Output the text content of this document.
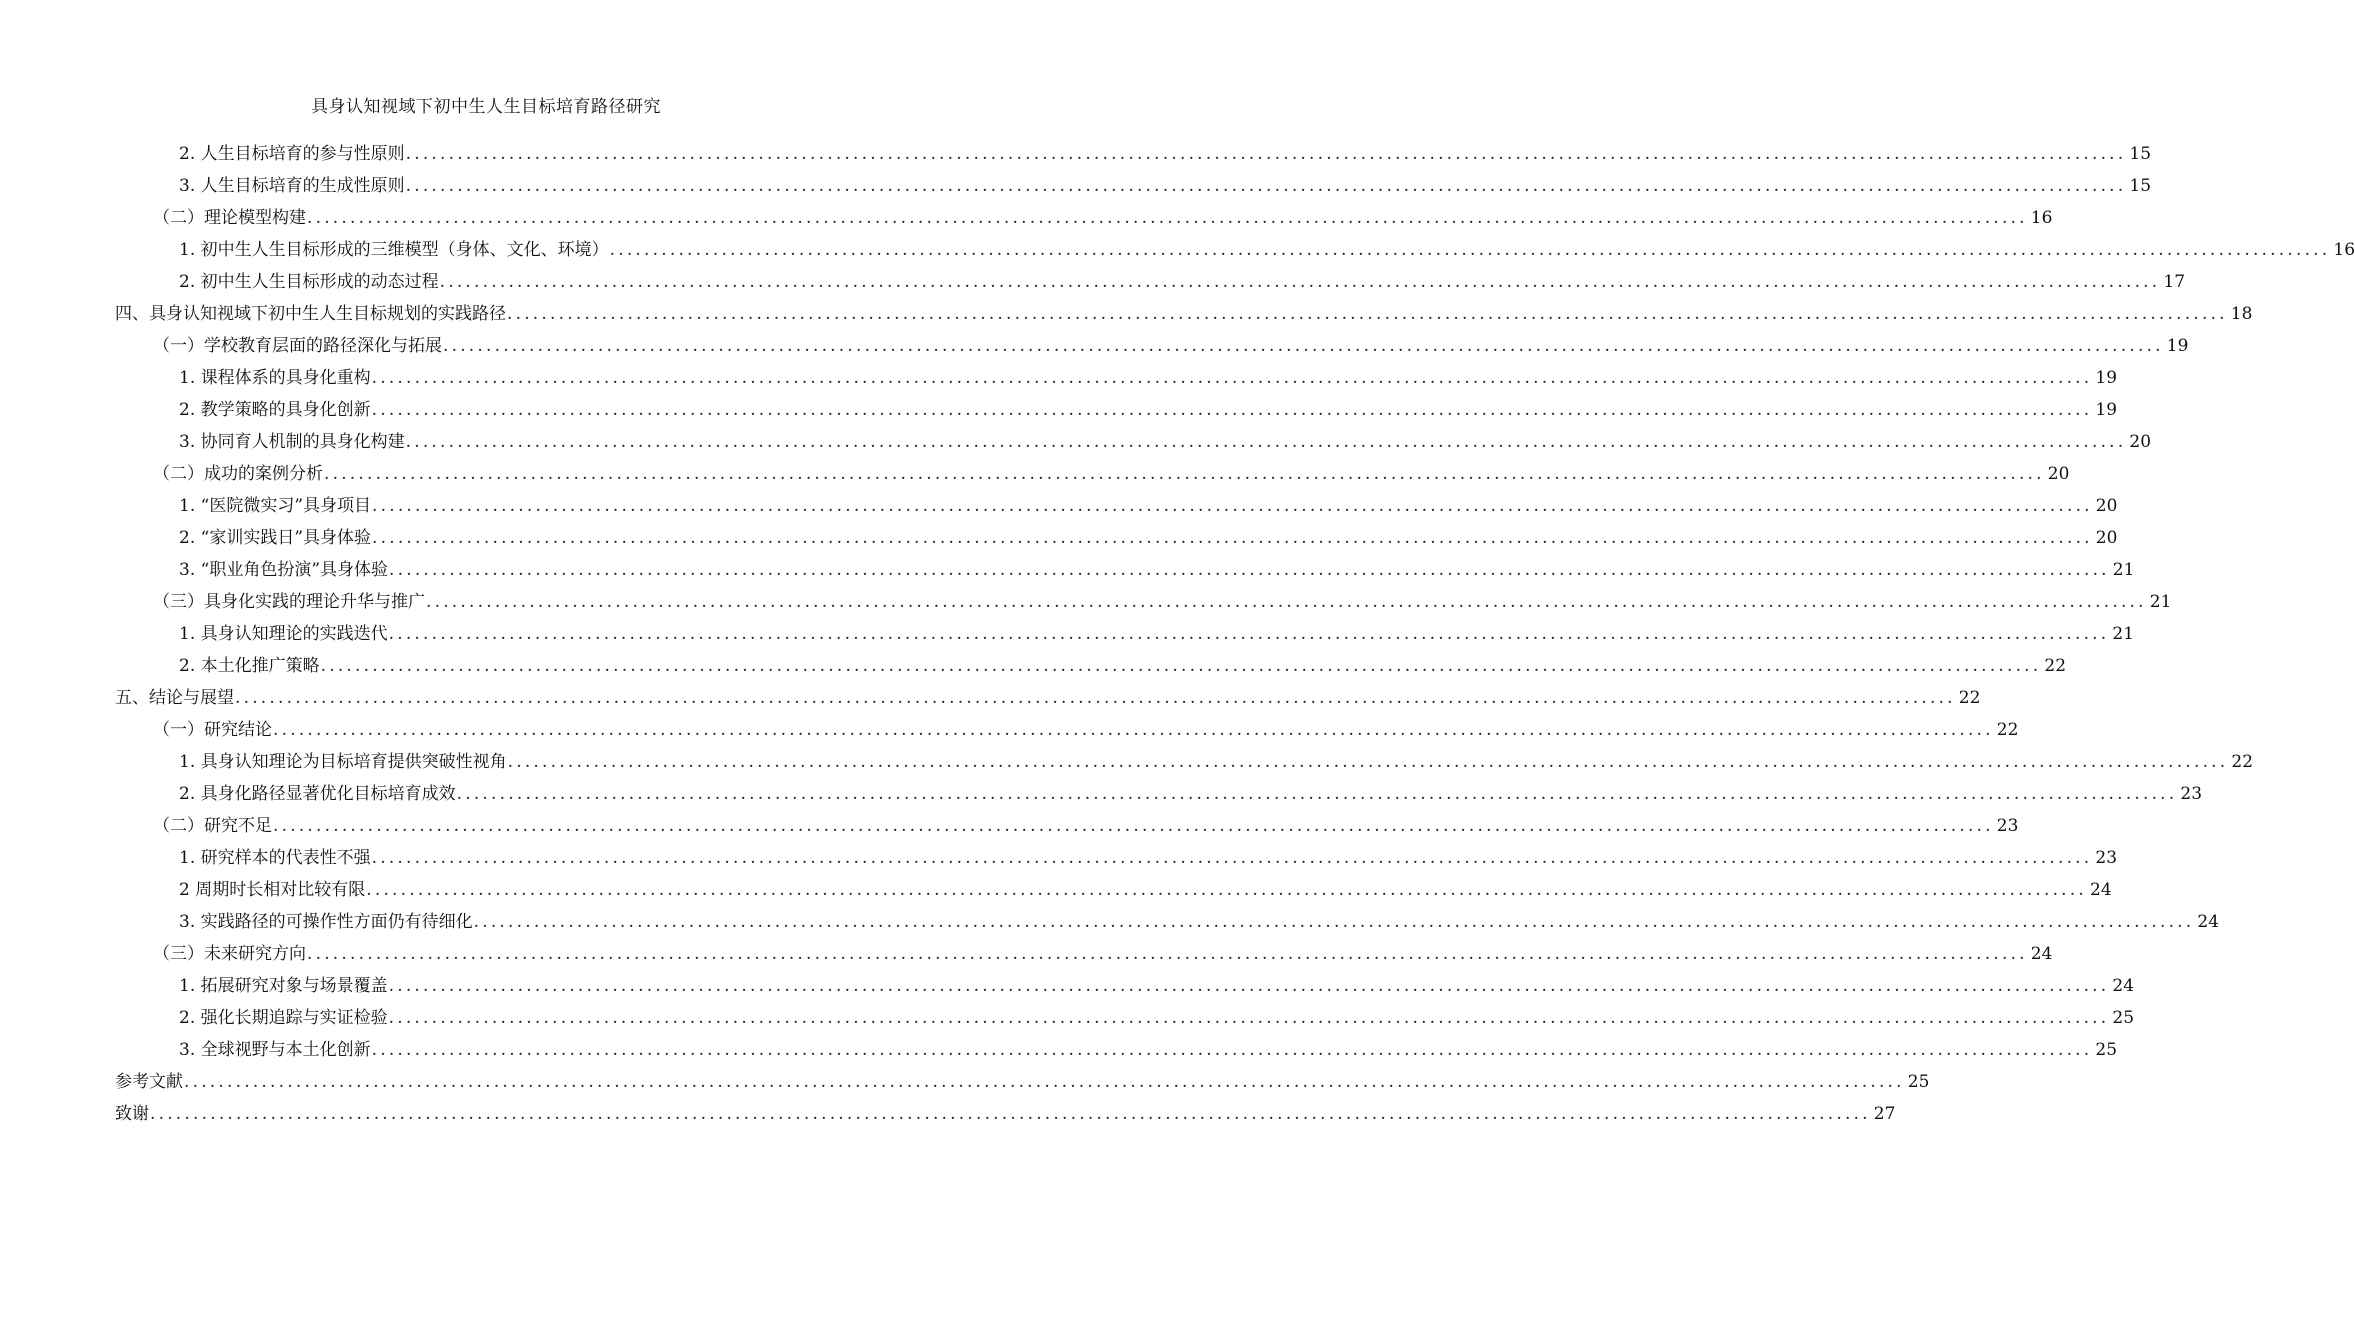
具身认知视域下初中生人生目标培育路径研究
2. 人生目标培育的参与性原则 ........................................................................................................................................................................................................ 15
3. 人生目标培育的生成性原则 ........................................................................................................................................................................................................ 15
（二）理论模型构建 ........................................................................................................................................................................................................ 16
1. 初中生人生目标形成的三维模型（身体、文化、环境） ........................................................................................................................................................................................................ 16
2. 初中生人生目标形成的动态过程 ........................................................................................................................................................................................................ 17
四、具身认知视域下初中生人生目标规划的实践路径 ........................................................................................................................................................................................................ 18
（一）学校教育层面的路径深化与拓展 ........................................................................................................................................................................................................ 19
1. 课程体系的具身化重构 ........................................................................................................................................................................................................ 19
2. 教学策略的具身化创新 ........................................................................................................................................................................................................ 19
3. 协同育人机制的具身化构建 ........................................................................................................................................................................................................ 20
（二）成功的案例分析 ........................................................................................................................................................................................................ 20
1. “医院微实习”具身项目 ........................................................................................................................................................................................................ 20
2. “家训实践日”具身体验 ........................................................................................................................................................................................................ 20
3. “职业角色扮演”具身体验 ........................................................................................................................................................................................................ 21
（三）具身化实践的理论升华与推广 ........................................................................................................................................................................................................ 21
1. 具身认知理论的实践迭代 ........................................................................................................................................................................................................ 21
2. 本土化推广策略 ........................................................................................................................................................................................................ 22
五、结论与展望 ........................................................................................................................................................................................................ 22
（一）研究结论 ........................................................................................................................................................................................................ 22
1. 具身认知理论为目标培育提供突破性视角 ........................................................................................................................................................................................................ 22
2. 具身化路径显著优化目标培育成效 ........................................................................................................................................................................................................ 23
（二）研究不足 ........................................................................................................................................................................................................ 23
1. 研究样本的代表性不强 ........................................................................................................................................................................................................ 23
2 周期时长相对比较有限 ........................................................................................................................................................................................................ 24
3. 实践路径的可操作性方面仍有待细化 ........................................................................................................................................................................................................ 24
（三）未来研究方向 ........................................................................................................................................................................................................ 24
1. 拓展研究对象与场景覆盖 ........................................................................................................................................................................................................ 24
2. 强化长期追踪与实证检验 ........................................................................................................................................................................................................ 25
3. 全球视野与本土化创新 ........................................................................................................................................................................................................ 25
参考文献 ........................................................................................................................................................................................................ 25
致谢 ........................................................................................................................................................................................................ 27
